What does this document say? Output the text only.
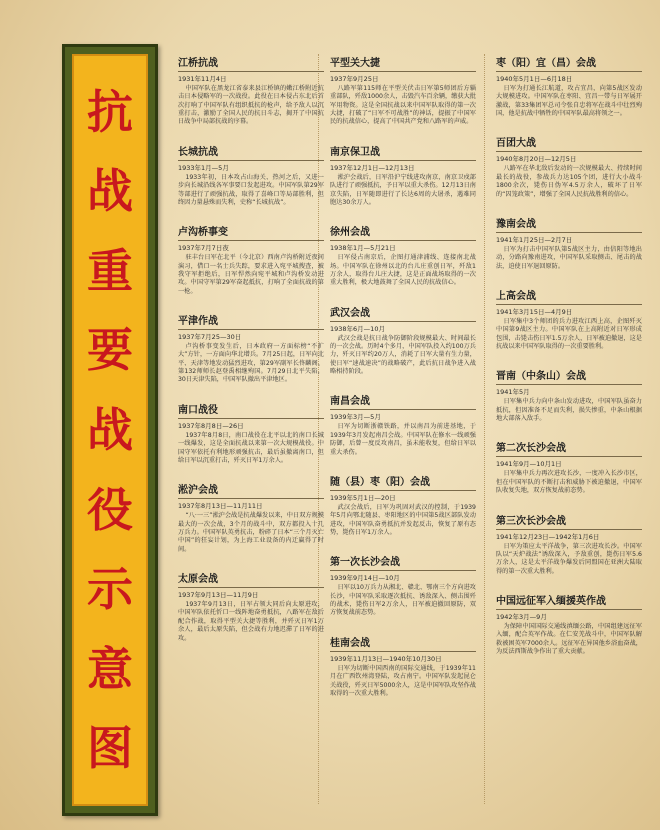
抗
战
重
要
战
役
示
意
图
江桥抗战
1931年11月4日
中国军队在黑龙江省泰来县江桥镇的嫩江桥附近抗击日本侵略军的一次战役。此役在日本侵占东北后首次打响了中国军队有组织抵抗的枪声，给予敌人以沉重打击，激励了全国人民的抗日斗志，揭开了中国抗日战争中局部抗战的序幕。
长城抗战
1933年1月—5月
1933年初，日本攻占山海关、热河之后，又进一步向长城沿线各军事要口发起进攻。中国军队第29军等部进行了顽强抗战，取得了喜峰口等局部胜利，但终因力量悬殊而失利，史称“长城抗战”。
卢沟桥事变
1937年7月7日夜
驻丰台日军在北平（今北京）西南卢沟桥附近夜间演习，借口一名士兵失踪，要求进入宛平城搜查，被我守军拒绝后，日军悍然向宛平城和卢沟桥发动进攻。中国守军第29军奋起抵抗，打响了全面抗战的第一枪。
平津作战
1937年7月25—30日
卢沟桥事变发生后，日本政府一方面标榜“不扩大”方针，一方面向华北增兵。7月25日起，日军向北平、天津等地发动猛烈进攻，第29军副军长佟麟阁、第132师师长赵登禹相继殉国。7月29日北平失陷，30日天津失陷，中国军队撤出平津地区。
南口战役
1937年8月8日—26日
1937年8月8日，南口战役在北平以北的南口长城一线爆发，这是全面抗战以来第一次大规模战役。中国守军依托有利地形顽强抗击，最后虽撤离南口，但给日军以沉重打击，歼灭日军1万余人。
淞沪会战
1937年8月13日—11月11日
“八·一三”淞沪会战是抗战爆发以来，中日双方规模最大的一次会战，3个月的战斗中，双方都投入十几万兵力。中国军队英勇抗击，粉碎了日本“三个月灭亡中国”的狂妄计划，为上海工业设备的内迁赢得了时间。
太原会战
1937年9月13日—11月9日
1937年9月13日，日军占领大同后向太原进攻，中国军队依托忻口一线阵地奋勇抵抗，八路军在敌后配合作战，取得平型关大捷等胜利，并歼灭日军1万余人，最后太原失陷，但会战有力地迟滞了日军的进攻。
平型关大捷
1937年9月25日
八路军第115师在平型关伏击日军第5师团后方辎重部队，歼敌1000余人，击毁汽车百余辆，缴获大批军用物资。这是全国抗战以来中国军队取得的第一次大捷，打破了“日军不可战胜”的神话，提振了中国军民的抗战信心，提高了中国共产党和八路军的声威。
南京保卫战
1937年12月1日—12月13日
淞沪会战后，日军沿沪宁线进攻南京，南京卫戍部队进行了顽强抵抗，予日军以重大杀伤。12月13日南京失陷，日军随即进行了长达6周的大屠杀，遇难同胞达30余万人。
徐州会战
1938年1月—5月21日
日军侵占南京后，企图打通津浦线、连接南北战场。中国军队在徐州以北的台儿庄重创日军，歼敌1万余人，取得台儿庄大捷，这是正面战场取得的一次重大胜利，极大地鼓舞了全国人民的抗战信心。
武汉会战
1938年6月—10月
武汉会战是抗日战争防御阶段规模最大、时间最长的一次会战。历时4个多月，中国军队投入约100万兵力，歼灭日军约20万人，消耗了日军大量有生力量，使日军“速战速决”的战略破产，此后抗日战争进入战略相持阶段。
南昌会战
1939年3月—5月
日军为切断浙赣铁路，并以南昌为前进基地，于1939年3月发起南昌会战。中国军队在修水一线顽强防御，后曾一度反攻南昌，虽未能收复，但给日军以重大杀伤。
随（县）枣（阳）会战
1939年5月1日—20日
武汉会战后，日军为巩固对武汉的控制，于1939年5月向鄂北随县、枣阳地区的中国第5战区部队发动进攻，中国军队奋勇抵抗并发起反击，恢复了原有态势，毙伤日军1万余人。
第一次长沙会战
1939年9月14日—10月
日军以10万兵力从湘北、赣北、鄂南三个方向进攻长沙，中国军队采取逐次抵抗、诱敌深入、侧击围歼的战术，毙伤日军2万余人，日军被迫撤回原防，双方恢复战前态势。
桂南会战
1939年11月13日—1940年10月30日
日军为切断中国西南的国际交通线，于1939年11月在广西钦州湾登陆，攻占南宁。中国军队发起昆仑关战役，歼灭日军5000余人，这是中国军队攻坚作战取得的一次重大胜利。
枣（阳）宜（昌）会战
1940年5月1日—6月18日
日军为打通长江航道，攻占宜昌，向第5战区发动大规模进攻。中国军队在枣阳、宜昌一带与日军展开激战，第33集团军总司令张自忠将军在战斗中壮烈殉国，他是抗战中牺牲的中国军队最高将领之一。
百团大战
1940年8月20日—12月5日
八路军在华北敌后发动的一次规模最大、持续时间最长的战役，参战兵力达105个团，进行大小战斗1800余次，毙伤日伪军4.5万余人，破坏了日军的“囚笼政策”，增强了全国人民抗战胜利的信心。
豫南会战
1941年1月25日—2月7日
日军为打击中国军队第5战区主力，由信阳等地出动，分路向豫南进攻，中国军队采取侧击、尾击的战法，迫使日军退回原防。
上高会战
1941年3月15日—4月9日
日军集中3个师团的兵力进攻江西上高，企图歼灭中国第9战区主力。中国军队在上高附近对日军形成包围，击毙击伤日军1.5万余人，日军被迫撤退，这是抗战以来中国军队取得的一次重要胜利。
晋南（中条山）会战
1941年5月
日军集中兵力向中条山发动进攻，中国军队虽奋力抵抗，但因准备不足而失利，损失惨重，中条山根据地大部落入敌手。
第二次长沙会战
1941年9月—10月1日
日军集中兵力再次进攻长沙，一度冲入长沙市区，但在中国军队的不断打击和威胁下被迫撤退，中国军队收复失地，双方恢复战前态势。
第三次长沙会战
1941年12月23日—1942年1月6日
日军为策应太平洋战争，第三次进攻长沙。中国军队以“天炉战法”诱敌深入，予敌重创，毙伤日军5.6万余人，这是太平洋战争爆发后同盟国在亚洲大陆取得的第一次重大胜利。
中国远征军入缅援英作战
1942年3月—9月
为保障中国国际交通线滇缅公路，中国组建远征军入缅，配合英军作战。在仁安羌战斗中，中国军队解救被困英军7000余人。远征军在异国他乡浴血奋战，为反法西斯战争作出了重大贡献。
